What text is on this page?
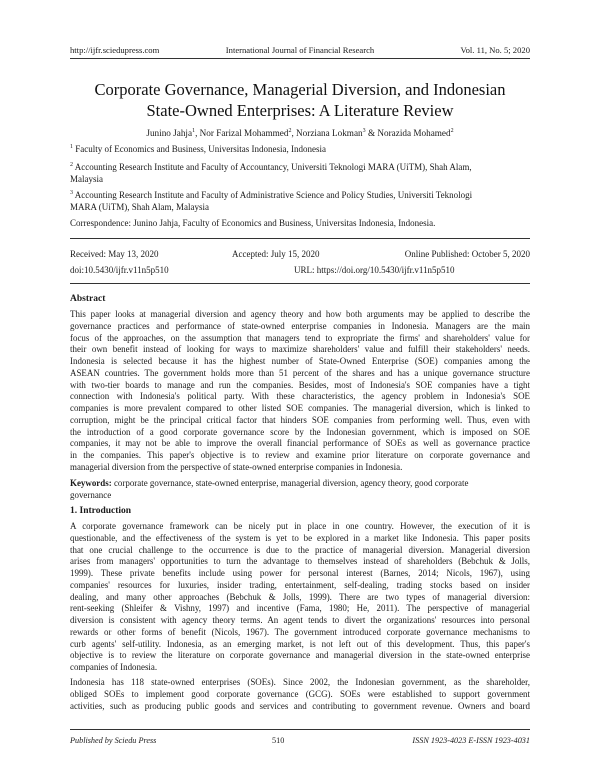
http://ijfr.sciedupress.com	International Journal of Financial Research	Vol. 11, No. 5; 2020
Corporate Governance, Managerial Diversion, and Indonesian
State-Owned Enterprises: A Literature Review
Junino Jahja$^1$, Nor Farizal Mohammed$^2$, Norziana Lokman$^3$ & Norazida Mohamed$^2$
$^1$ Faculty of Economics and Business, Universitas Indonesia, Indonesia
$^2$ Accounting Research Institute and Faculty of Accountancy, Universiti Teknologi MARA (UiTM), Shah Alam,
Malaysia
$^3$ Accounting Research Institute and Faculty of Administrative Science and Policy Studies, Universiti Teknologi
MARA (UiTM), Shah Alam, Malaysia
Correspondence: Junino Jahja, Faculty of Economics and Business, Universitas Indonesia, Indonesia.
Received: May 13, 2020	Accepted: July 15, 2020	Online Published: October 5, 2020
doi:10.5430/ijfr.v11n5p510	URL: https://doi.org/10.5430/ijfr.v11n5p510
Abstract
This paper looks at managerial diversion and agency theory and how both arguments may be applied to describe the
governance practices and performance of state-owned enterprise companies in Indonesia. Managers are the main
focus of the approaches, on the assumption that managers tend to expropriate the firms' and shareholders' value for
their own benefit instead of looking for ways to maximize shareholders' value and fulfill their stakeholders' needs.
Indonesia is selected because it has the highest number of State-Owned Enterprise (SOE) companies among the
ASEAN countries. The government holds more than 51 percent of the shares and has a unique governance structure
with two-tier boards to manage and run the companies. Besides, most of Indonesia's SOE companies have a tight
connection with Indonesia's political party. With these characteristics, the agency problem in Indonesia's SOE
companies is more prevalent compared to other listed SOE companies. The managerial diversion, which is linked to
corruption, might be the principal critical factor that hinders SOE companies from performing well. Thus, even with
the introduction of a good corporate governance score by the Indonesian government, which is imposed on SOE
companies, it may not be able to improve the overall financial performance of SOEs as well as governance practice
in the companies. This paper's objective is to review and examine prior literature on corporate governance and
managerial diversion from the perspective of state-owned enterprise companies in Indonesia.
Keywords: corporate governance, state-owned enterprise, managerial diversion, agency theory, good corporate
governance
1. Introduction
A corporate governance framework can be nicely put in place in one country. However, the execution of it is
questionable, and the effectiveness of the system is yet to be explored in a market like Indonesia. This paper posits
that one crucial challenge to the occurrence is due to the practice of managerial diversion. Managerial diversion
arises from managers' opportunities to turn the advantage to themselves instead of shareholders (Bebchuk & Jolls,
1999). These private benefits include using power for personal interest (Barnes, 2014; Nicols, 1967), using
companies' resources for luxuries, insider trading, entertainment, self-dealing, trading stocks based on insider
dealing, and many other approaches (Bebchuk & Jolls, 1999). There are two types of managerial diversion:
rent-seeking (Shleifer & Vishny, 1997) and incentive (Fama, 1980; He, 2011). The perspective of managerial
diversion is consistent with agency theory terms. An agent tends to divert the organizations' resources into personal
rewards or other forms of benefit (Nicols, 1967). The government introduced corporate governance mechanisms to
curb agents' self-utility. Indonesia, as an emerging market, is not left out of this development. Thus, this paper's
objective is to review the literature on corporate governance and managerial diversion in the state-owned enterprise
companies of Indonesia.
Indonesia has 118 state-owned enterprises (SOEs). Since 2002, the Indonesian government, as the shareholder,
obliged SOEs to implement good corporate governance (GCG). SOEs were established to support government
activities, such as producing public goods and services and contributing to government revenue. Owners and board
Published by Sciedu Press	510	ISSN 1923-4023 E-ISSN 1923-4031
